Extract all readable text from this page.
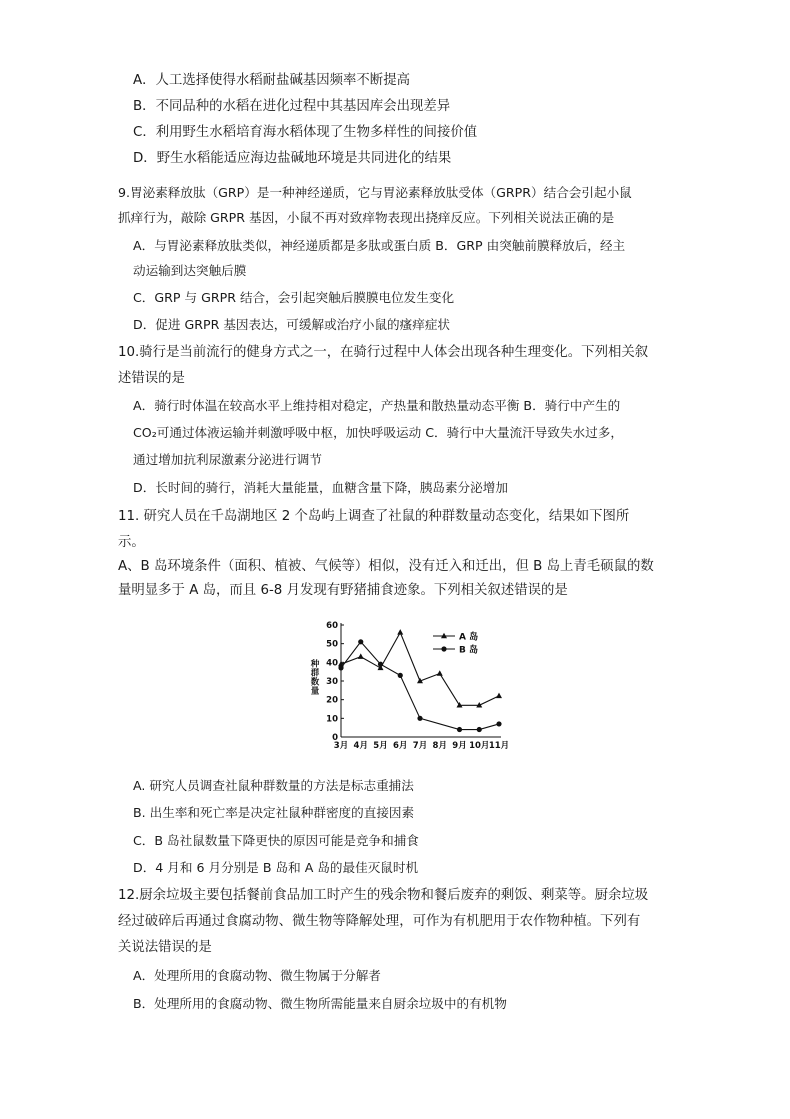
A．人工选择使得水稻耐盐碱基因频率不断提高
B．不同品种的水稻在进化过程中其基因库会出现差异
C．利用野生水稻培育海水稻体现了生物多样性的间接价值
D．野生水稻能适应海边盐碱地环境是共同进化的结果
9.胃泌素释放肽（GRP）是一种神经递质，它与胃泌素释放肽受体（GRPR）结合会引起小鼠
抓痒行为，敲除 GRPR 基因，小鼠不再对致痒物表现出挠痒反应。下列相关说法正确的是
A．与胃泌素释放肽类似，神经递质都是多肽或蛋白质 B．GRP 由突触前膜释放后，经主
动运输到达突触后膜
C．GRP 与 GRPR 结合，会引起突触后膜膜电位发生变化
D．促进 GRPR 基因表达，可缓解或治疗小鼠的瘙痒症状
10.骑行是当前流行的健身方式之一，在骑行过程中人体会出现各种生理变化。下列相关叙
述错误的是
A．骑行时体温在较高水平上维持相对稳定，产热量和散热量动态平衡 B．骑行中产生的
CO₂可通过体液运输并刺激呼吸中枢，加快呼吸运动 C．骑行中大量流汗导致失水过多，
通过增加抗利尿激素分泌进行调节
D．长时间的骑行，消耗大量能量，血糖含量下降，胰岛素分泌增加
11. 研究人员在千岛湖地区 2 个岛屿上调查了社鼠的种群数量动态变化，结果如下图所
示。
A、B 岛环境条件（面积、植被、气候等）相似，没有迁入和迁出，但 B 岛上青毛硕鼠的数
量明显多于 A 岛，而且 6-8 月发现有野猪捕食迹象。下列相关叙述错误的是
种群数量
0
10
20
30
40
50
60
3月 4月 5月 6月 7月 8月 9月 10月 11月
A 岛
B 岛
A. 研究人员调查社鼠种群数量的方法是标志重捕法
B. 出生率和死亡率是决定社鼠种群密度的直接因素
C．B 岛社鼠数量下降更快的原因可能是竞争和捕食
D．4 月和 6 月分别是 B 岛和 A 岛的最佳灭鼠时机
12.厨余垃圾主要包括餐前食品加工时产生的残余物和餐后废弃的剩饭、剩菜等。厨余垃圾
经过破碎后再通过食腐动物、微生物等降解处理，可作为有机肥用于农作物种植。下列有
关说法错误的是
A．处理所用的食腐动物、微生物属于分解者
B．处理所用的食腐动物、微生物所需能量来自厨余垃圾中的有机物
